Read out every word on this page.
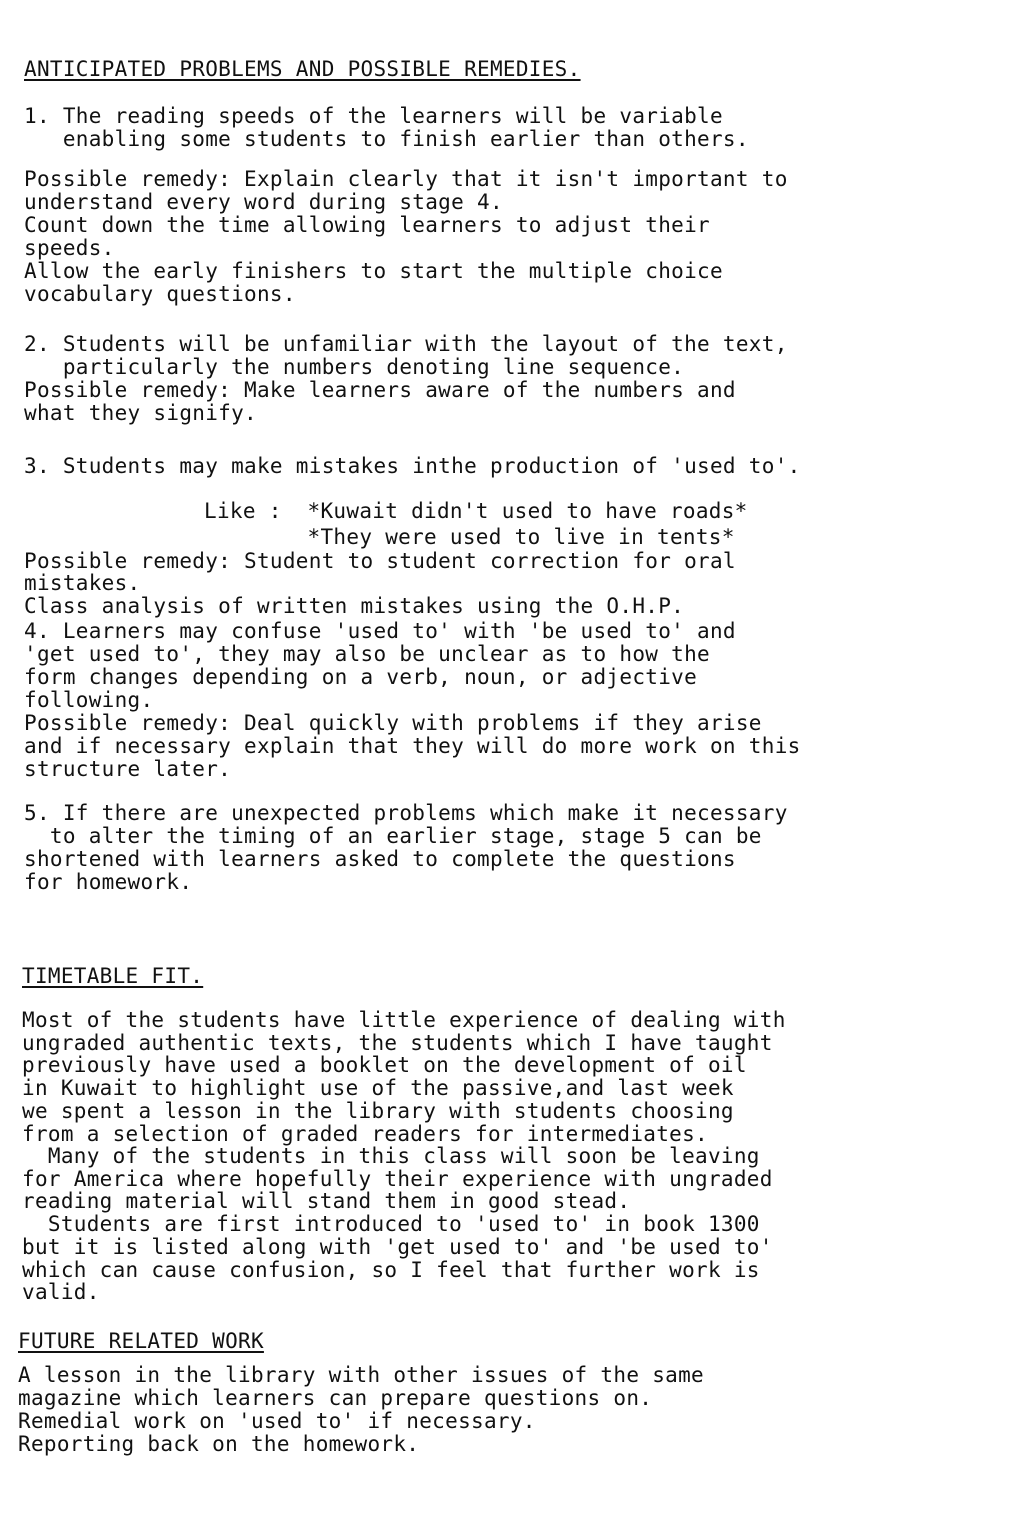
ANTICIPATED PROBLEMS AND POSSIBLE REMEDIES.
1. The reading speeds of the learners will be variable
enabling some students to finish earlier than others.
Possible remedy: Explain clearly that it isn't important to
understand every word during stage 4.
Count down the time allowing learners to adjust their
speeds.
Allow the early finishers to start the multiple choice
vocabulary questions.
2. Students will be unfamiliar with the layout of the text,
particularly the numbers denoting line sequence.
Possible remedy: Make learners aware of the numbers and
what they signify.
3. Students may make mistakes inthe production of 'used to'.
Like :  *Kuwait didn't used to have roads*
*They were used to live in tents*
Possible remedy: Student to student correction for oral
mistakes.
Class analysis of written mistakes using the O.H.P.
4. Learners may confuse 'used to' with 'be used to' and
'get used to', they may also be unclear as to how the
form changes depending on a verb, noun, or adjective
following.
Possible remedy: Deal quickly with problems if they arise
and if necessary explain that they will do more work on this
structure later.
5. If there are unexpected problems which make it necessary
to alter the timing of an earlier stage, stage 5 can be
shortened with learners asked to complete the questions
for homework.
TIMETABLE FIT.
Most of the students have little experience of dealing with
ungraded authentic texts, the students which I have taught
previously have used a booklet on the development of oil
in Kuwait to highlight use of the passive,and last week
we spent a lesson in the library with students choosing
from a selection of graded readers for intermediates.
Many of the students in this class will soon be leaving
for America where hopefully their experience with ungraded
reading material will stand them in good stead.
Students are first introduced to 'used to' in book 1300
but it is listed along with 'get used to' and 'be used to'
which can cause confusion, so I feel that further work is
valid.
FUTURE RELATED WORK
A lesson in the library with other issues of the same
magazine which learners can prepare questions on.
Remedial work on 'used to' if necessary.
Reporting back on the homework.
